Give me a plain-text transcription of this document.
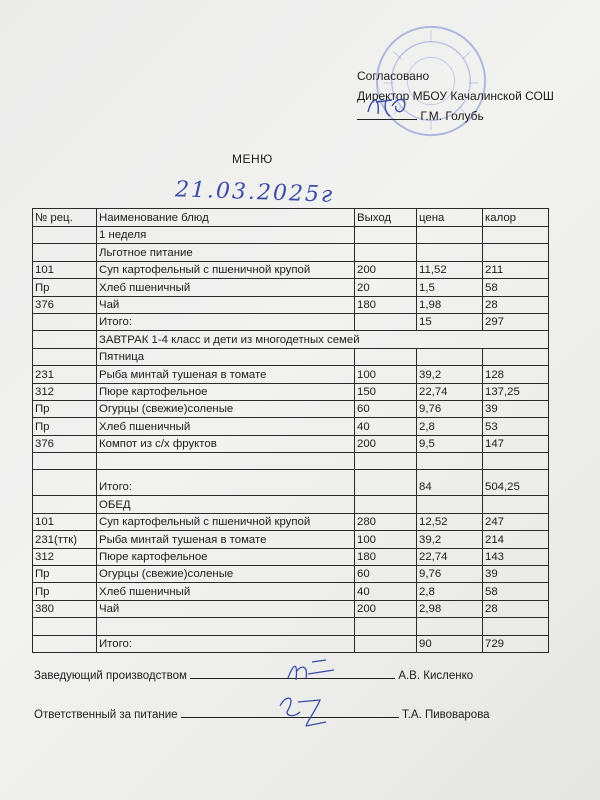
Согласовано
Директор МБОУ Качалинской СОШ
Г.М. Голубь
МЕНЮ
21.03.2025г
№ рец.	Наименование блюд	Выход	цена	калор
	1 неделя			
	Льготное питание			
101	Суп картофельный с пшеничной крупой	200	11,52	211
Пр	Хлеб пшеничный	20	1,5	58
376	Чай	180	1,98	28
	Итого:		15	297
	ЗАВТРАК 1-4 класс и дети из многодетных семей			
	Пятница			
231	Рыба минтай тушеная в томате	100	39,2	128
312	Пюре картофельное	150	22,74	137,25
Пр	Огурцы (свежие)соленые	60	9,76	39
Пр	Хлеб пшеничный	40	2,8	53
376	Компот из с/х фруктов	200	9,5	147

	Итого:		84	504,25
	ОБЕД			
101	Суп картофельный с пшеничной крупой	280	12,52	247
231(ттк)	Рыба минтай тушеная в томате	100	39,2	214
312	Пюре картофельное	180	22,74	143
Пр	Огурцы (свежие)соленые	60	9,76	39
Пр	Хлеб пшеничный	40	2,8	58
380	Чай	200	2,98	28

	Итого:		90	729
Заведующий производством	А.В. Кисленко
Ответственный за питание	Т.А. Пивоварова
